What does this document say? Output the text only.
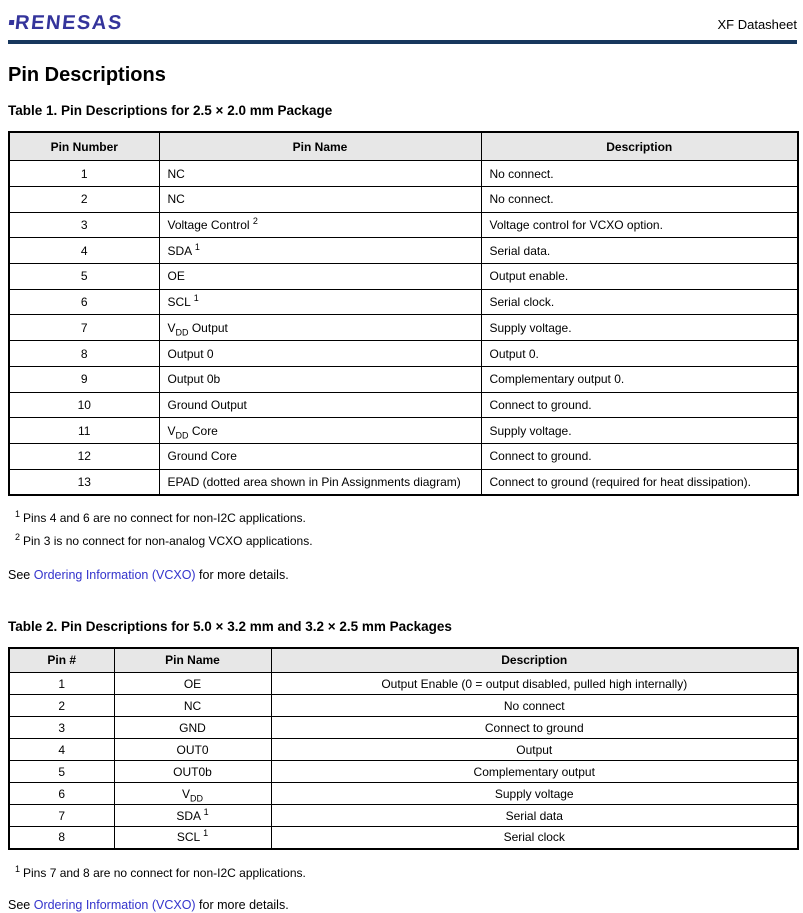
RENESAS	XF Datasheet
Pin Descriptions
Table 1. Pin Descriptions for 2.5 × 2.0 mm Package
Pin Number	Pin Name	Description
1	NC	No connect.
2	NC	No connect.
3	Voltage Control $^2$	Voltage control for VCXO option.
4	SDA $^1$	Serial data.
5	OE	Output enable.
6	SCL $^1$	Serial clock.
7	$V_{DD}$ Output	Supply voltage.
8	Output 0	Output 0.
9	Output 0b	Complementary output 0.
10	Ground Output	Connect to ground.
11	$V_{DD}$ Core	Supply voltage.
12	Ground Core	Connect to ground.
13	EPAD (dotted area shown in Pin Assignments diagram)	Connect to ground (required for heat dissipation).
$^1$ Pins 4 and 6 are no connect for non-I2C applications.
$^2$ Pin 3 is no connect for non-analog VCXO applications.
See Ordering Information (VCXO) for more details.
Table 2. Pin Descriptions for 5.0 × 3.2 mm and 3.2 × 2.5 mm Packages
Pin #	Pin Name	Description
1	OE	Output Enable (0 = output disabled, pulled high internally)
2	NC	No connect
3	GND	Connect to ground
4	OUT0	Output
5	OUT0b	Complementary output
6	$V_{DD}$	Supply voltage
7	SDA $^1$	Serial data
8	SCL $^1$	Serial clock
$^1$ Pins 7 and 8 are no connect for non-I2C applications.
See Ordering Information (VCXO) for more details.
